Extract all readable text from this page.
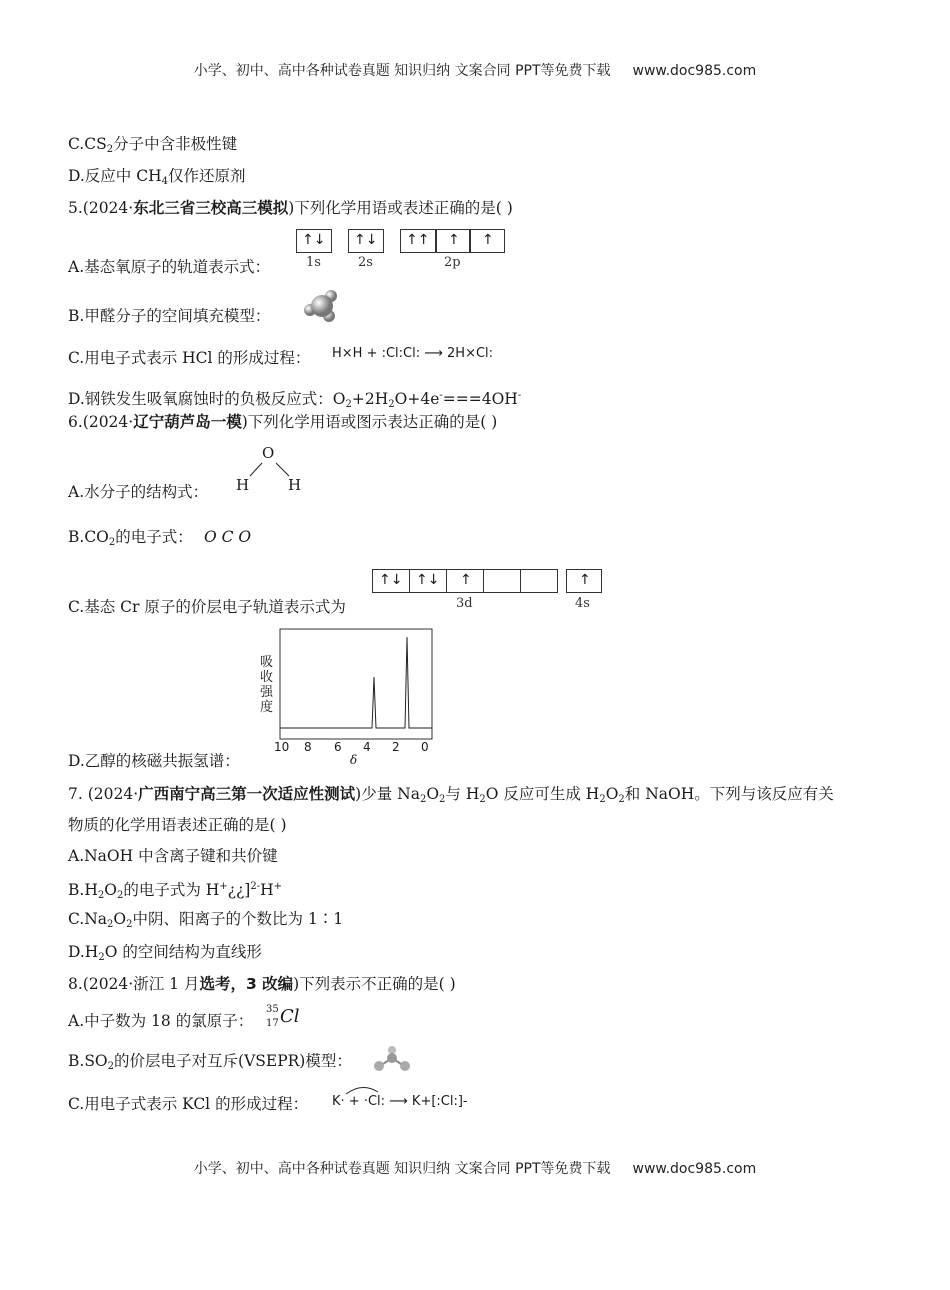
小学、初中、高中各种试卷真题 知识归纳 文案合同 PPT等免费下载 www.doc985.com
$C.CS_2$分子中含非极性键
D.反应中 $CH_4$仅作还原剂
5.(2024·东北三省三校高三模拟)下列化学用语或表述正确的是( )
A.基态氧原子的轨道表示式：
↑↓ ↑↓ ↑↑ ↑ ↑
1s	2s	2p
B.甲醛分子的空间填充模型：
C.用电子式表示 HCl 的形成过程： H×H + :Cl:Cl: ⟶ 2H×Cl:
D.钢铁发生吸氧腐蚀时的负极反应式：$O_2+2H_2O+4e^-===4OH^-$
6.(2024·辽宁葫芦岛一模)下列化学用语或图示表达正确的是( )
A.水分子的结构式：
O
H	H
$B.CO_2$的电子式： O C O
C.基态 Cr 原子的价层电子轨道表示式为
↑↓ ↑↓ ↑	↑
3d	4s
D.乙醇的核磁共振氢谱：
吸收强度
10 8 6 4 2 0
δ
7. (2024·广西南宁高三第一次适应性测试)少量 $Na_2O_2$与 $H_2O$ 反应可生成 $H_2O_2$和 NaOH。下列与该反应有关
物质的化学用语表述正确的是( )
A.NaOH 中含离子键和共价键
$B.H_2O_2$的电子式为 H+¿¿]$^{2-}$H+
$C.Na_2O_2$中阴、阳离子的个数比为 1∶1
$D.H_2O$ 的空间结构为直线形
8.(2024·浙江 1 月选考，3 改编)下列表示不正确的是( )
A.中子数为 18 的氯原子：
35
17 Cl
$B.SO_2$的价层电子对互斥(VSEPR)模型：
C.用电子式表示 KCl 的形成过程： K· + ·Cl: ⟶ K+[:Cl:]-
小学、初中、高中各种试卷真题 知识归纳 文案合同 PPT等免费下载 www.doc985.com
